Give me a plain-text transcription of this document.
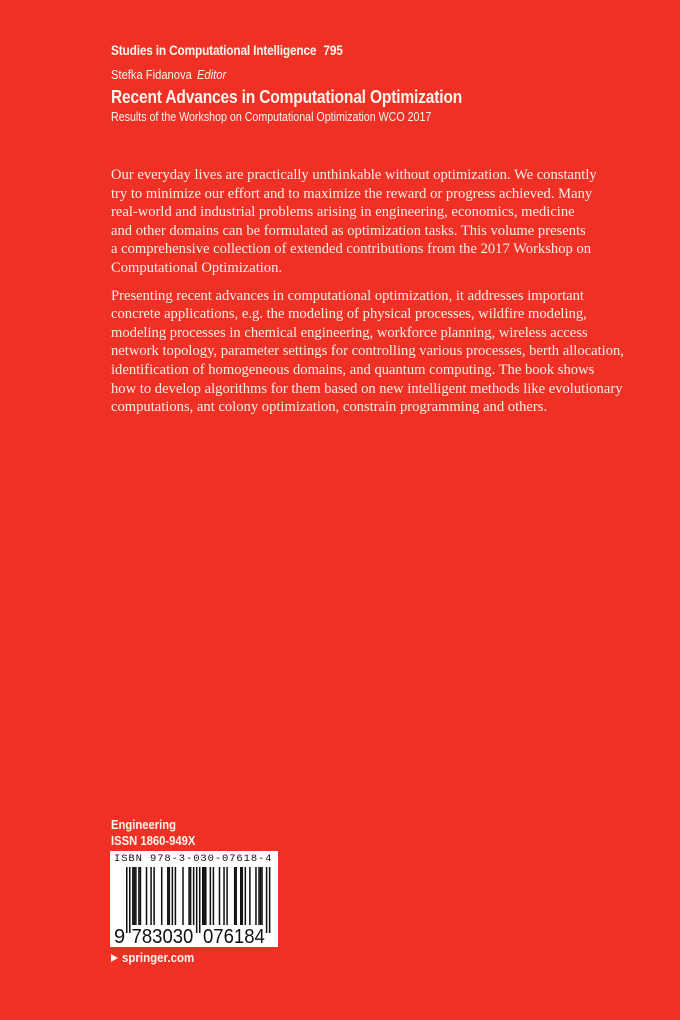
Studies in Computational Intelligence 795
Stefka Fidanova Editor
Recent Advances in Computational Optimization
Results of the Workshop on Computational Optimization WCO 2017

Our everyday lives are practically unthinkable without optimization. We constantly
try to minimize our effort and to maximize the reward or progress achieved. Many
real-world and industrial problems arising in engineering, economics, medicine
and other domains can be formulated as optimization tasks. This volume presents
a comprehensive collection of extended contributions from the 2017 Workshop on
Computational Optimization.

Presenting recent advances in computational optimization, it addresses important
concrete applications, e.g. the modeling of physical processes, wildfire modeling,
modeling processes in chemical engineering, workforce planning, wireless access
network topology, parameter settings for controlling various processes, berth allocation,
identification of homogeneous domains, and quantum computing. The book shows
how to develop algorithms for them based on new intelligent methods like evolutionary
computations, ant colony optimization, constrain programming and others.

Engineering
ISSN 1860-949X
ISBN 978-3-030-07618-4
9 783030 076184
springer.com
